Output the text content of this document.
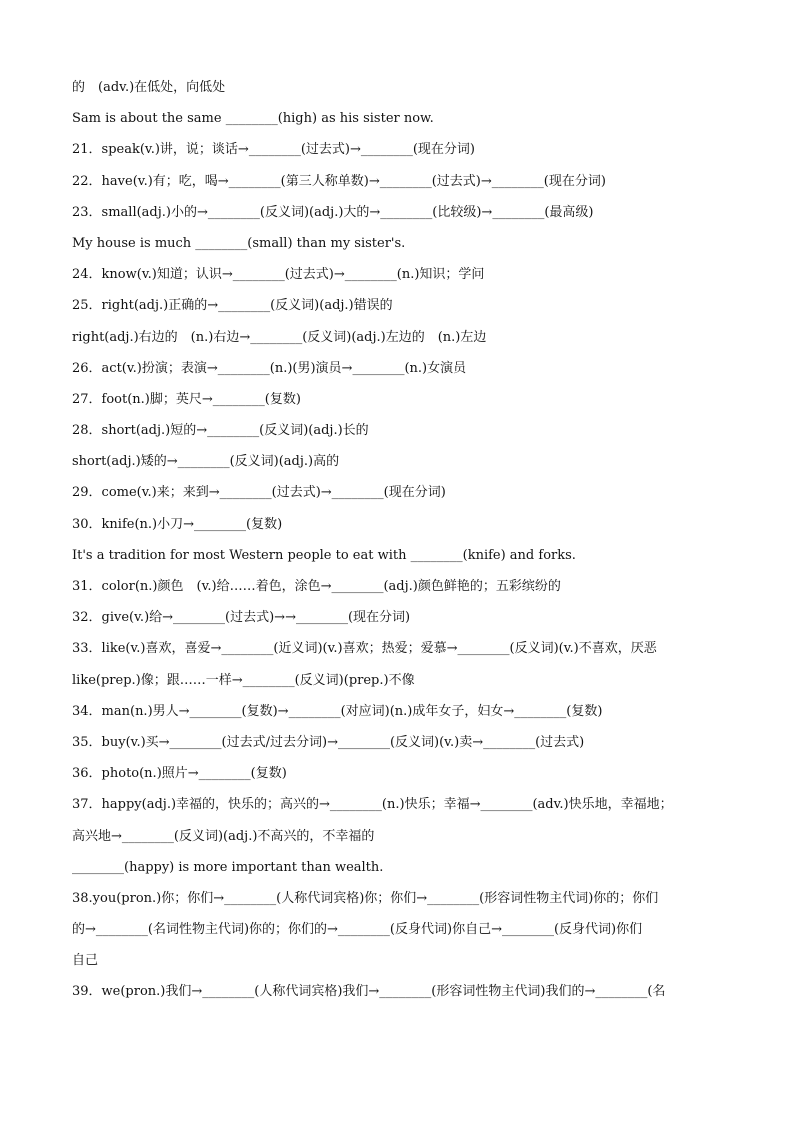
的　(adv.)在低处，向低处
Sam is about the same ________(high) as his sister now.
21．speak(v.)讲，说；谈话→________(过去式)→________(现在分词)
22．have(v.)有；吃，喝→________(第三人称单数)→________(过去式)→________(现在分词)
23．small(adj.)小的→________(反义词)(adj.)大的→________(比较级)→________(最高级)
My house is much ________(small) than my sister's.
24．know(v.)知道；认识→________(过去式)→________(n.)知识；学问
25．right(adj.)正确的→________(反义词)(adj.)错误的
right(adj.)右边的　(n.)右边→________(反义词)(adj.)左边的　(n.)左边
26．act(v.)扮演；表演→________(n.)(男)演员→________(n.)女演员
27．foot(n.)脚；英尺→________(复数)
28．short(adj.)短的→________(反义词)(adj.)长的
short(adj.)矮的→________(反义词)(adj.)高的
29．come(v.)来；来到→________(过去式)→________(现在分词)
30．knife(n.)小刀→________(复数)
It's a tradition for most Western people to eat with ________(knife) and forks.
31．color(n.)颜色　(v.)给……着色，涂色→________(adj.)颜色鲜艳的；五彩缤纷的
32．give(v.)给→________(过去式)→→________(现在分词)
33．like(v.)喜欢，喜爱→________(近义词)(v.)喜欢；热爱；爱慕→________(反义词)(v.)不喜欢，厌恶
like(prep.)像；跟……一样→________(反义词)(prep.)不像
34．man(n.)男人→________(复数)→________(对应词)(n.)成年女子，妇女→________(复数)
35．buy(v.)买→________(过去式/过去分词)→________(反义词)(v.)卖→________(过去式)
36．photo(n.)照片→________(复数)
37．happy(adj.)幸福的，快乐的；高兴的→________(n.)快乐；幸福→________(adv.)快乐地，幸福地；
高兴地→________(反义词)(adj.)不高兴的，不幸福的
________(happy) is more important than wealth.
38.you(pron.)你；你们→________(人称代词宾格)你；你们→________(形容词性物主代词)你的；你们
的→________(名词性物主代词)你的；你们的→________(反身代词)你自己→________(反身代词)你们
自己
39．we(pron.)我们→________(人称代词宾格)我们→________(形容词性物主代词)我们的→________(名
